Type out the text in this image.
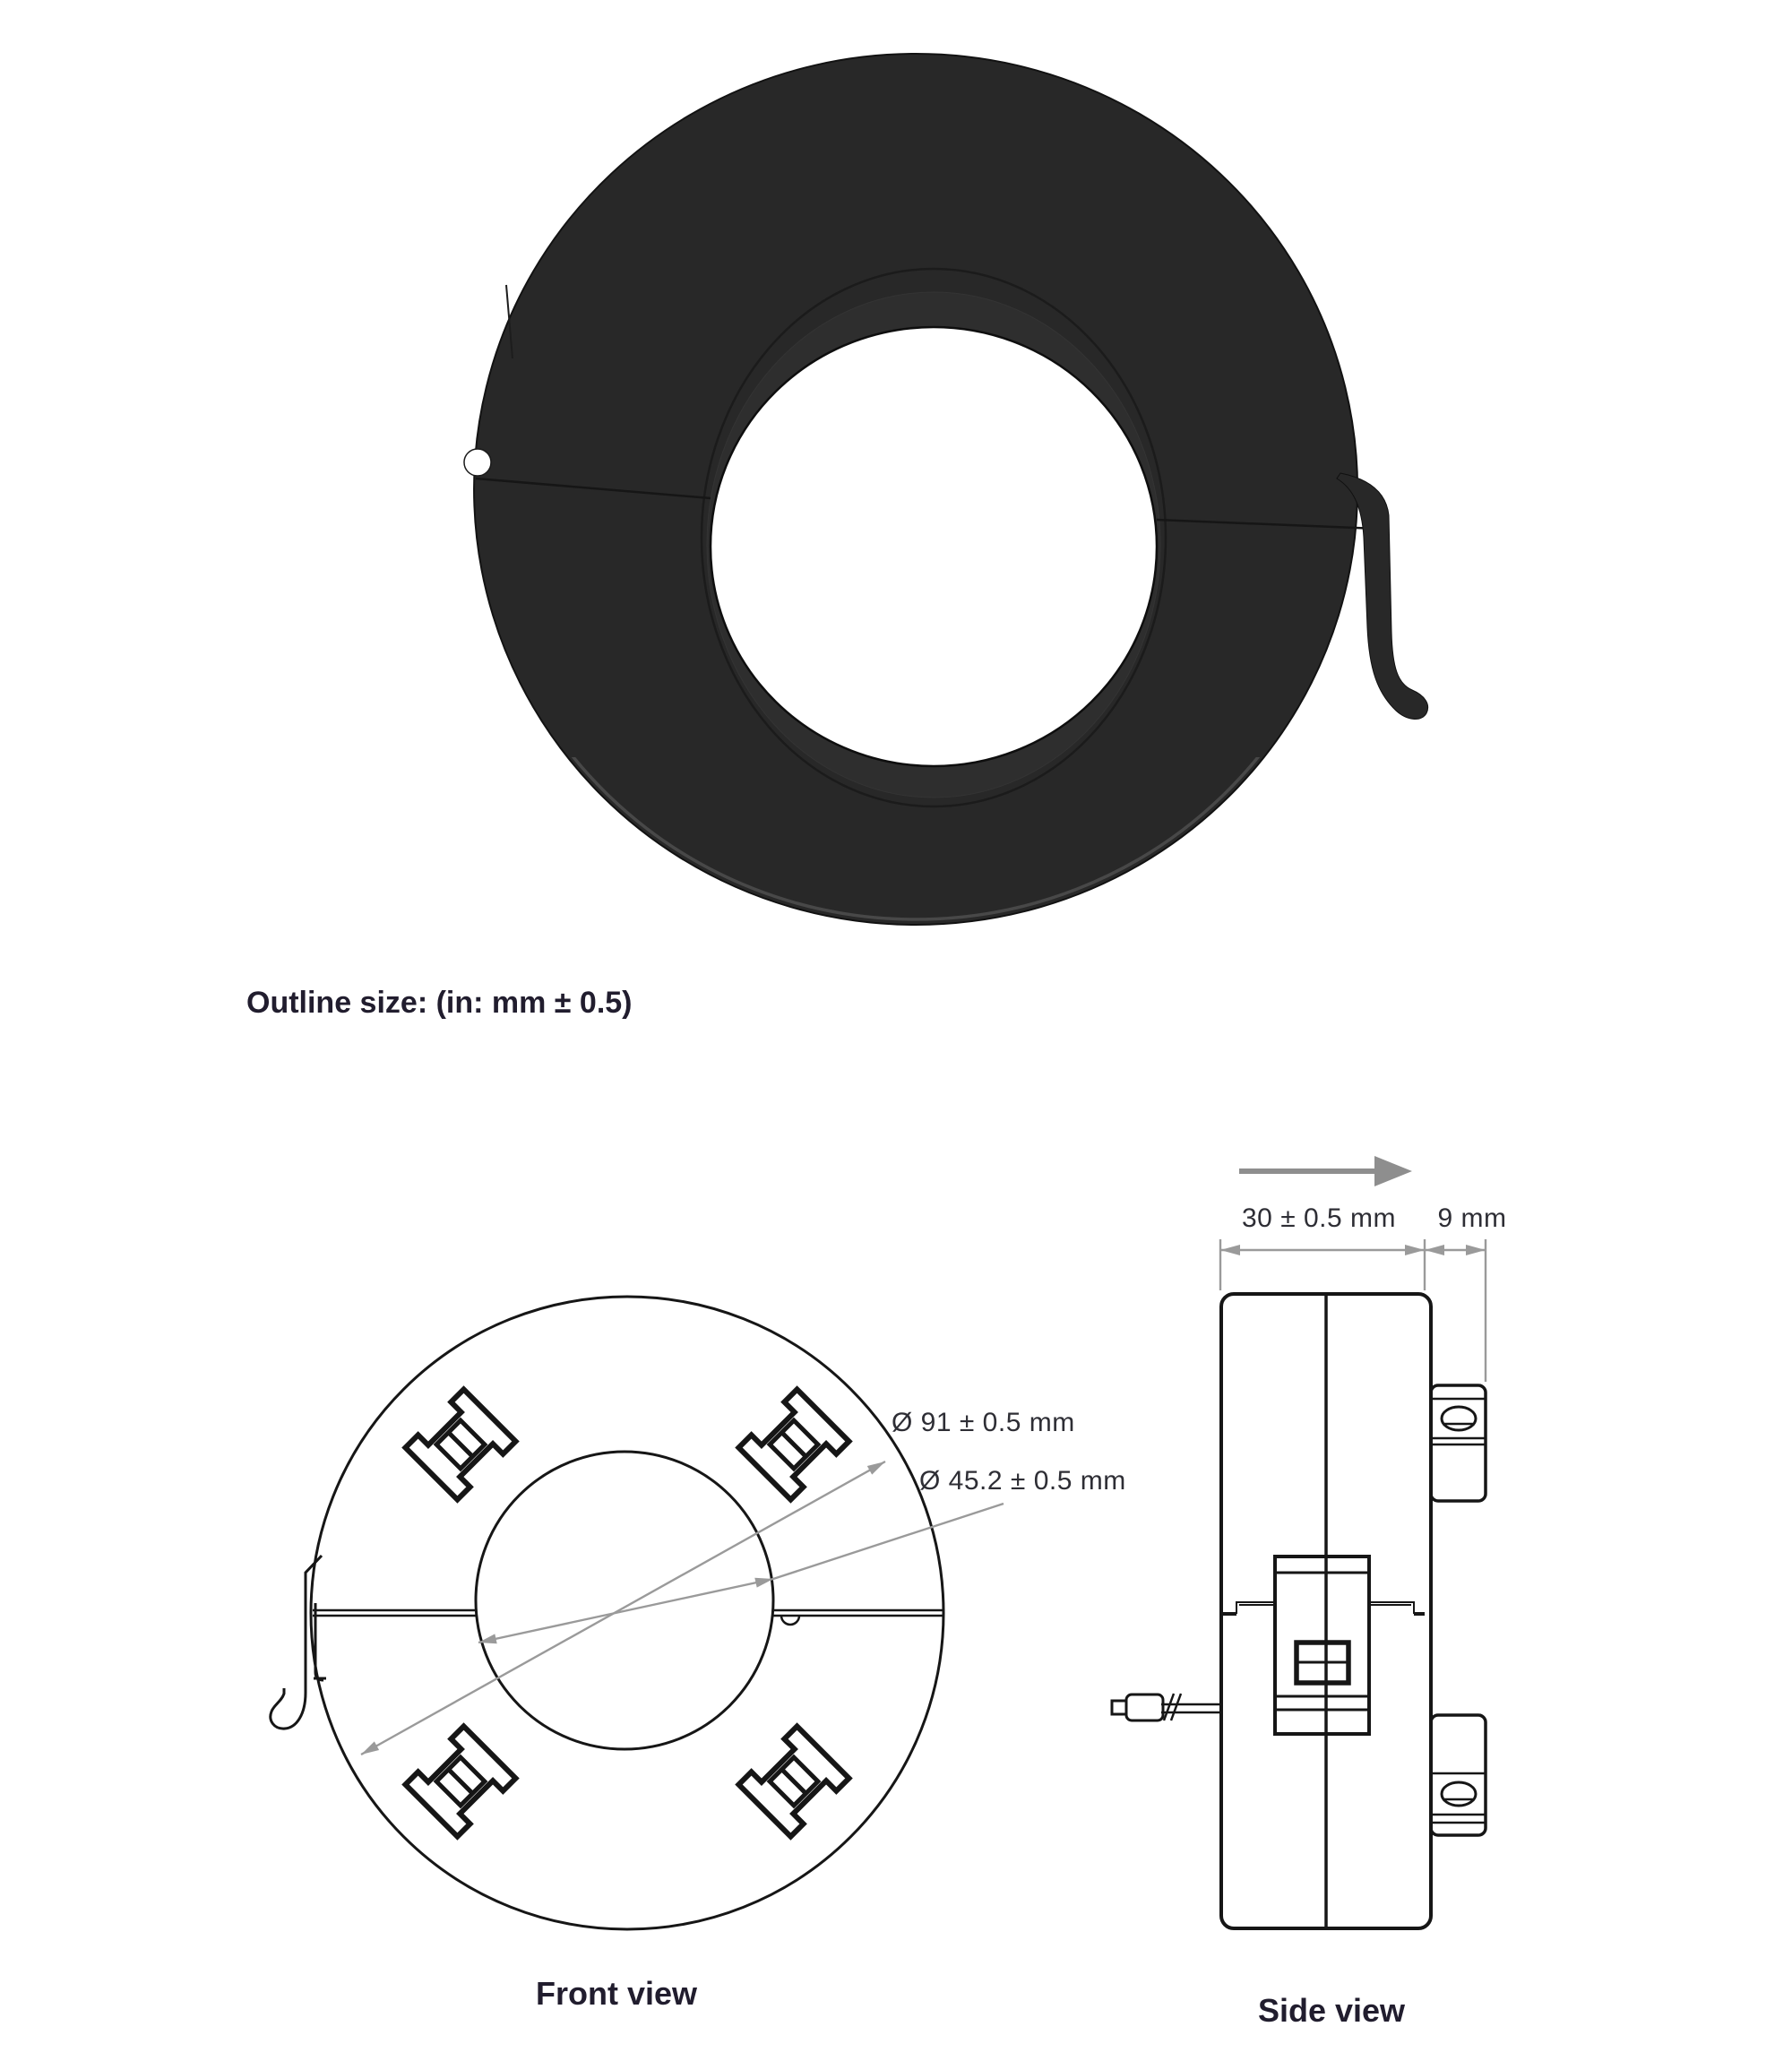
Outline size: (in: mm ± 0.5)
Ø 91 ± 0.5 mm
Ø 45.2 ± 0.5 mm
Front view
30 ± 0.5 mm 9 mm
Side view
